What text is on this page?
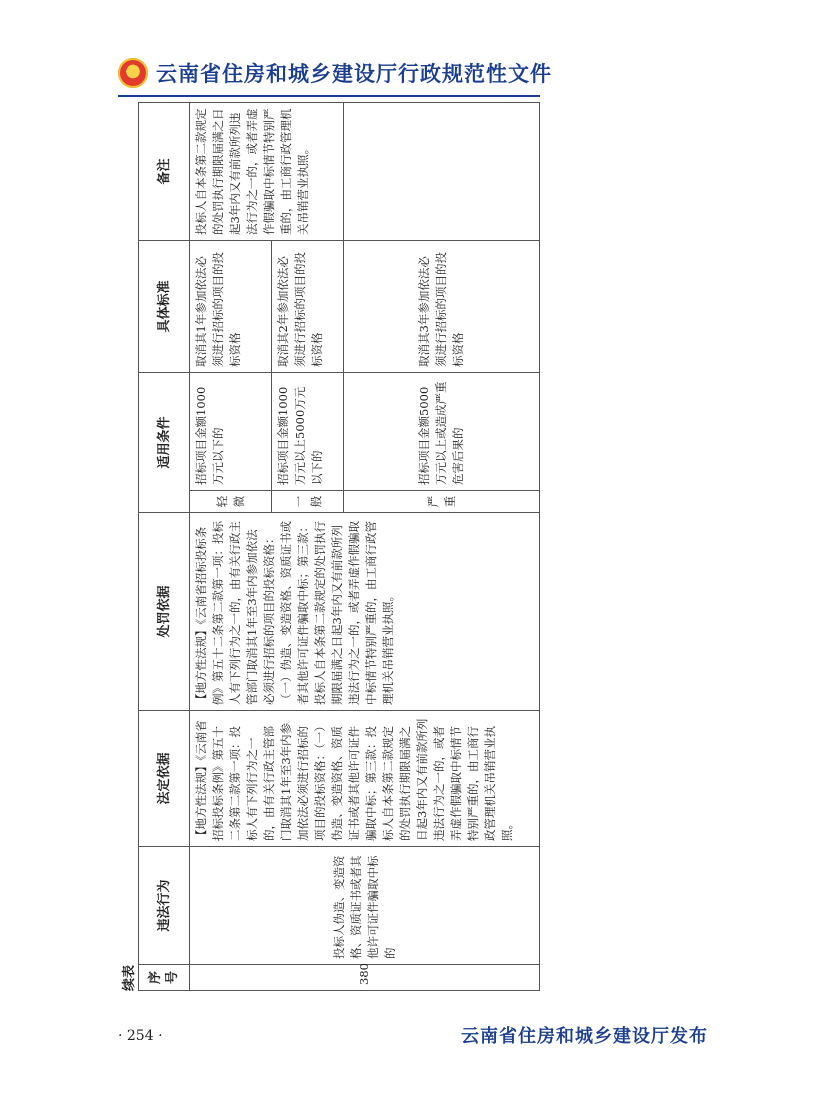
★
云南省住房和城乡建设厅行政规范性文件
续表 序号	违法行为	法定依据	处罚依据	适用条件		具体标准	备注
380	投标人伪造、变造资格、资质证书或者其他许可证件骗取中标的	【地方性法规】《云南省招标投标条例》第五十二条第二款第一项：投标人有下列行为之一的，由有关行政主管部门取消其1年至3年内参加依法必须进行招标的项目的投标资格：（一）伪造、变造资格、资质证书或者其他许可证件骗取中标；第三款：投标人自本条第二款规定的处罚执行期限届满之日起3年内又有前款所列违法行为之一的，或者弄虚作假骗取中标情节特别严重的，由工商行政管理机关吊销营业执照。	【地方性法规】《云南省招标投标条例》第五十二条第二款第一项：投标人有下列行为之一的，由有关行政主管部门取消其1年至3年内参加依法必须进行招标的项目的投标资格：（一）伪造、变造资格、资质证书或者其他许可证件骗取中标；第三款：投标人自本条第二款规定的处罚执行期限届满之日起3年内又有前款所列违法行为之一的，或者弄虚作假骗取中标情节特别严重的，由工商行政管理机关吊销营业执照。	轻微	招标项目金额1000万元以下的	取消其1年参加依法必须进行招标的项目的投标资格	投标人自本条第二款规定的处罚执行期限届满之日起3年内又有前款所列违法行为之一的，或者弄虚作假骗取中标情节特别严重的，由工商行政管理机关吊销营业执照。
				一般	招标项目金额1000万元以上5000万元以下的	取消其2年参加依法必须进行招标的项目的投标资格	
				严重	招标项目金额5000万元以上或造成严重危害后果的	取消其3年参加依法必须进行招标的项目的投标资格	
· 254 ·	云南省住房和城乡建设厅发布
